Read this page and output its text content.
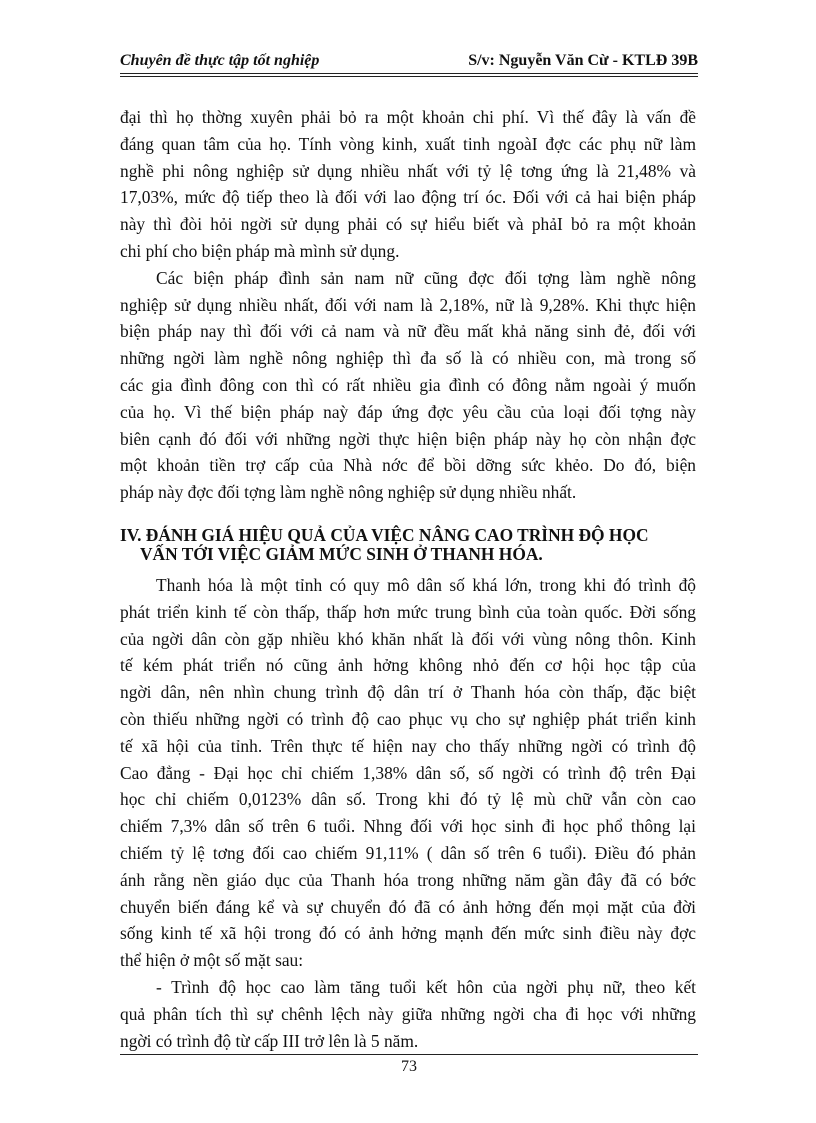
Chuyên đề thực tập tốt nghiệp	S/v: Nguyễn Văn Cừ - KTLĐ 39B

đại thì họ thờng xuyên phải bỏ ra một khoản chi phí. Vì thế đây là vấn đề
đáng quan tâm của họ. Tính vòng kinh, xuất tinh ngoàI đợc các phụ nữ làm
nghề phi nông nghiệp sử dụng nhiều nhất với tỷ lệ tơng ứng là 21,48% và
17,03%, mức độ tiếp theo là đối với lao động trí óc. Đối với cả hai biện pháp
này thì đòi hỏi ngời sử dụng phải có sự hiểu biết và phảI bỏ ra một khoản
chi phí cho biện pháp mà mình sử dụng.

Các biện pháp đình sản nam nữ cũng đợc đối tợng làm nghề nông
nghiệp sử dụng nhiều nhất, đối với nam là 2,18%, nữ là 9,28%. Khi thực hiện
biện pháp nay thì đối với cả nam và nữ đều mất khả năng sinh đẻ, đối với
những ngời làm nghề nông nghiệp thì đa số là có nhiều con, mà trong số
các gia đình đông con thì có rất nhiều gia đình có đông nằm ngoài ý muốn
của họ. Vì thế biện pháp naỳ đáp ứng đợc yêu cầu của loại đối tợng này
biên cạnh đó đối với những ngời thực hiện biện pháp này họ còn nhận đợc
một khoản tiền trợ cấp của Nhà nớc để bồi dỡng sức khẻo. Do đó, biện
pháp này đợc đối tợng làm nghề nông nghiệp sử dụng nhiều nhất.

IV. ĐÁNH GIÁ HIỆU QUẢ CỦA VIỆC NÂNG CAO TRÌNH ĐỘ HỌC
VẤN TỚI VIỆC GIẢM MỨC SINH Ở THANH HÓA.

Thanh hóa là một tỉnh có quy mô dân số khá lớn, trong khi đó trình độ
phát triển kinh tế còn thấp, thấp hơn mức trung bình của toàn quốc. Đời sống
của ngời dân còn gặp nhiều khó khăn nhất là đối với vùng nông thôn. Kinh
tế kém phát triển nó cũng ảnh hởng không nhỏ đến cơ hội học tập của
ngời dân, nên nhìn chung trình độ dân trí ở Thanh hóa còn thấp, đặc biệt
còn thiếu những ngời có trình độ cao phục vụ cho sự nghiệp phát triển kinh
tế xã hội của tỉnh. Trên thực tế hiện nay cho thấy những ngời có trình độ
Cao đẳng - Đại học chỉ chiếm 1,38% dân số, số ngời có trình độ trên Đại
học chỉ chiếm 0,0123% dân số. Trong khi đó tỷ lệ mù chữ vẫn còn cao
chiếm 7,3% dân số trên 6 tuổi. Nhng đối với học sinh đi học phổ thông lại
chiếm tỷ lệ tơng đối cao chiếm 91,11% ( dân số trên 6 tuổi). Điều đó phản
ánh rằng nền giáo dục của Thanh hóa trong những năm gần đây đã có bớc
chuyển biến đáng kể và sự chuyển đó đã có ảnh hởng đến mọi mặt của đời
sống kinh tế xã hội trong đó có ảnh hởng mạnh đến mức sinh điều này đợc
thể hiện ở một số mặt sau:

- Trình độ học cao làm tăng tuổi kết hôn của ngời phụ nữ, theo kết
quả phân tích thì sự chênh lệch này giữa những ngời cha đi học với những
ngời có trình độ từ cấp III trở lên là 5 năm.

73
